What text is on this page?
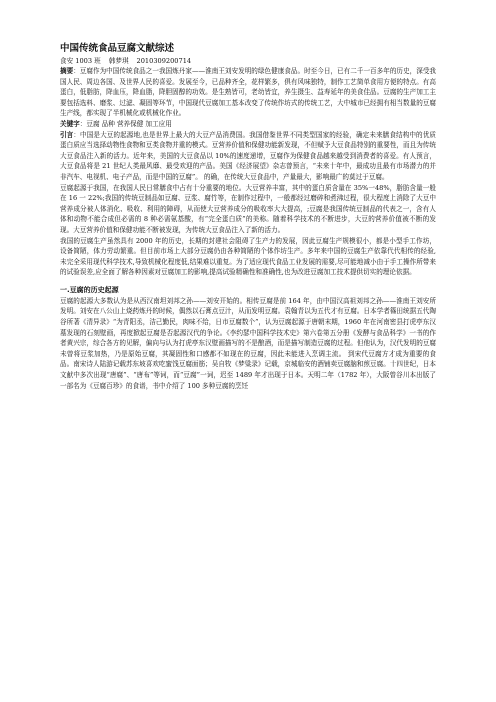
中国传统食品豆腐文献综述
食安 1003 班 韩梦琪 2010309200714

摘要：豆腐作为中国传统食品之一我国炼丹家——淮南王刘安发明的绿色健康食品。时至今日，已有二千一百多年的历史，深受我国人民、周边各国、及世界人民的喜爱。发展至今，已品种齐全，花样繁多，俱有风味独特，制作工艺简单食用方便的特点。有高蛋白，低脂肪，降血压，降血脂，降胆固醇的功效。是生熟皆可，老幼皆宜，养生摄生、益寿延年的美食佳品。豆腐的生产加工主要包括选料、磨浆、过滤、凝固等环节，中国现代豆腐加工基本改变了传统作坊式的传统工艺，大中城市已经拥有相当数量的豆腐生产线，都实现了半机械化或机械化作业。

关键字：豆腐 品种 营养保健 加工应用

引言：中国是大豆的起源地,也是世界上最大的大豆产品消费国。我国借鉴世界不同类型国家的经验，确定未来膳食结构中的优质蛋白质应当选择动物性食物和豆类食物并重的模式。豆营养价值和保健功能新发现，不但赋予大豆食品特别的重要性，而且为传统大豆食品注入新的活力。近年来，美国的大豆食品以 10%的速度递增，豆腐作为保健食品越来越受到消费者的喜爱。有人预言，大豆食品将是 21 世纪人类最风靡、最受欢迎的产品。美国《经济展望》杂志曾预言，“未来十年中，最成功且最有市场潜力的并非汽车、电视机、电子产品，而是中国的豆腐”。 的确，在传统大豆食品中，产量最大，影响最广的莫过于豆腐。

豆腐起源于我国，在我国人民日常膳食中占有十分重要的地位。大豆营养丰富，其中的蛋白质含量在 35%一48%，脂肪含量一般在 16 一 22%;我国的传统豆制品如豆腐、豆浆、腐竹等，在制作过程中，一般都经过磨碎和煮沸过程，很大程度上消除了大豆中营养成分被人体消化、吸收、利用的障碍，从而使大豆营养成分的吸收率大大提高，;豆腐是我国传统豆制品的代表之一，含有人体和动物不能合成但必需的 8 种必需氨基酸，有“完全蛋白质”的美称。随着科学技术的不断进步，大豆的营养价值被不断的发现。大豆营养价值和保健功能不断被发现，为传统大豆食品注入了新的活力。

我国的豆腐生产虽然具有 2000 年的历史，长期的封建社会阻碍了生产力的发展，因此豆腐生产规模很小，都是小型手工作坊，设备简陋，体力劳动繁重。但目前市场上大部分豆腐仍由各种简陋的个体作坊生产。多年来中国的豆腐生产依靠代代相传的经验,未完全采用现代科学技术,导致机械化程度低,结果难以重复。为了适应现代食品工业发展的需要,尽可能地减小由于手工操作所带来的试验误差,应全面了解各种因素对豆腐加工的影响,提高试验精确性和准确性,也为改进豆腐加工技术提供切实的理论依据。

一.豆腐的历史起源

豆腐的起源大多数认为是从西汉南坦刘邦之孙——刘安开始的。相传豆腐是前 164 年，由中国汉高祖刘邦之孙——淮南王刘安所发明。刘安在八公山上烧药炼丹的时候，偶然以石膏点豆汁，从而发明豆腐。袁翰青以为五代才有豆腐。日本学者篠田统据五代陶谷所著《清异录》“为青阳丞，洁己勤民，肉味不给，日市豆腐数个”，认为豆腐起源于唐朝末期，1960 年在河南密县打虎亭东汉墓发现的石刻壁画，再度掀起豆腐是否起源汉代的争论。《李约瑟中国科学技术史》第六卷第五分册《发酵与食品科学》一书的作者黄兴宗，综合各方的见解，偏向与认为打虎亭东汉壁画描写的不是酿酒，而是描写制造豆腐的过程。但他认为，汉代发明的豆腐未曾将豆浆加热，乃是原始豆腐，其凝固性和口感都不如现在的豆腐，因此未能进入烹调主流。 到宋代豆腐方才成为重要的食品。南宋诗人陆游记载苏东坡喜欢吃蜜饯豆腐面筋；吴自牧《梦粱录》记载，京城临安的酒铺卖豆腐脑和煎豆腐。十四世纪，日本文献中多次出现“唐腐”、“唐布”等词，而“豆腐”一词，迟至 1489 年才出现于日本。天明二年（1782 年），大阪曾谷川本出版了一部名为《豆腐百珍》的食谱，书中介绍了 100 多种豆腐的烹饪
